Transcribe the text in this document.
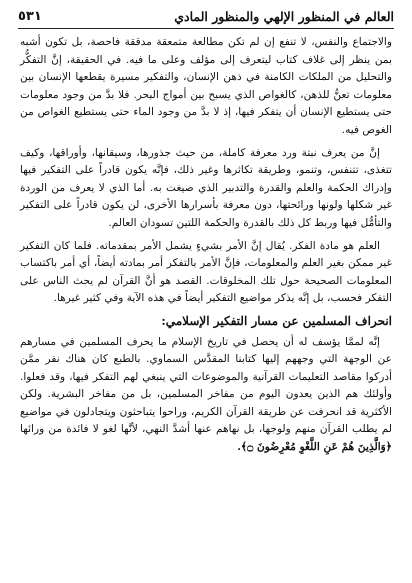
٥٣١	العالم في المنظور الإلهي والمنظور المادي

والاجتماع والنفس، لا تنفع إن لم تكن مطالعة متمعقة مدققة فاحصة، بل تكون أشبه بمن ينظر إلى غلاف كتاب ليتعرف إلى مؤلف وعلى ما فيه. في الحقيقة، إنَّ التفكُّر والتحليل من الملكات الكامنة في ذهن الإنسان، والتفكير مسيرة يقطعها الإنسان بين معلومات تعنُّ للذهن، كالغواص الذي يسبح بين أمواج البحر. فلا بدَّ من وجود معلومات حتى يستطيع الإنسان أن يتفكر فيها، إذ لا بدَّ من وجود الماء حتى يستطيع الغواص من الغوص فيه.

إنَّ من يعرف نبتة ورد معرفة كاملة، من حيث جذورها، وسيقانها، وأوراقها، وكيف تتغذى، تتنفس، وتنمو، وطريقة تكاثرها وغير ذلك، فإنَّه يكون قادراً على التفكير فيها وإدراك الحكمة والعلم والقدرة والتدبير الذي صيغت به. أما الذي لا يعرف من الوردة غير شكلها ولونها ورائحتها، دون معرفة بأسرارها الأخرى، لن يكون قادراً على التفكير والتأمُّل فيها وربط كل ذلك بالقدرة والحكمة اللتين تسودان العالم.

العلم هو مادة الفكر. يُقال إنَّ الأمر بشيءٍ يشمل الأمر بمقدماته. فلما كان التفكير غير ممكن بغير العلم والمعلومات، فإنَّ الأمر بالتفكر أمر بمادته أيضاً، أي أمر باكتساب المعلومات الصحيحة حول تلك المخلوقات. القصد هو أنَّ القرآن لم يحث الناس على التفكر فحسب، بل إنَّه يذكر مواضيع التفكير أيضاً في هذه الآية وفي كثير غيرها.

انحراف المسلمين عن مسار التفكير الإسلامي:

إنَّه لممَّا يؤسف له أن يحصل في تاريخ الإسلام ما يحرف المسلمين في مسارهم عن الوجهة التي وجههم إليها كتابنا المقدَّس السماوي. بالطبع كان هناك نفر ممَّن أدركوا مقاصد التعليمات القرآنية والموضوعات التي ينبغي لهم التفكر فيها، وقد فعلوا. وأولئك هم الذين يعدون اليوم من مفاخر المسلمين، بل من مفاخر البشرية. ولكن الأكثرية قد انحرفت عن طريقة القرآن الكريم، وراحوا يتباحثون ويتجادلون في مواضيع لم يطلب القرآن منهم ولوجها، بل نهاهم عنها أشدَّ النهي، لأنَّها لغو لا فائدة من ورائها ﴿وَالَّذِينَ هُمْ عَنِ اللَّغْوِ مُعْرِضُونَ ۝﴾.
